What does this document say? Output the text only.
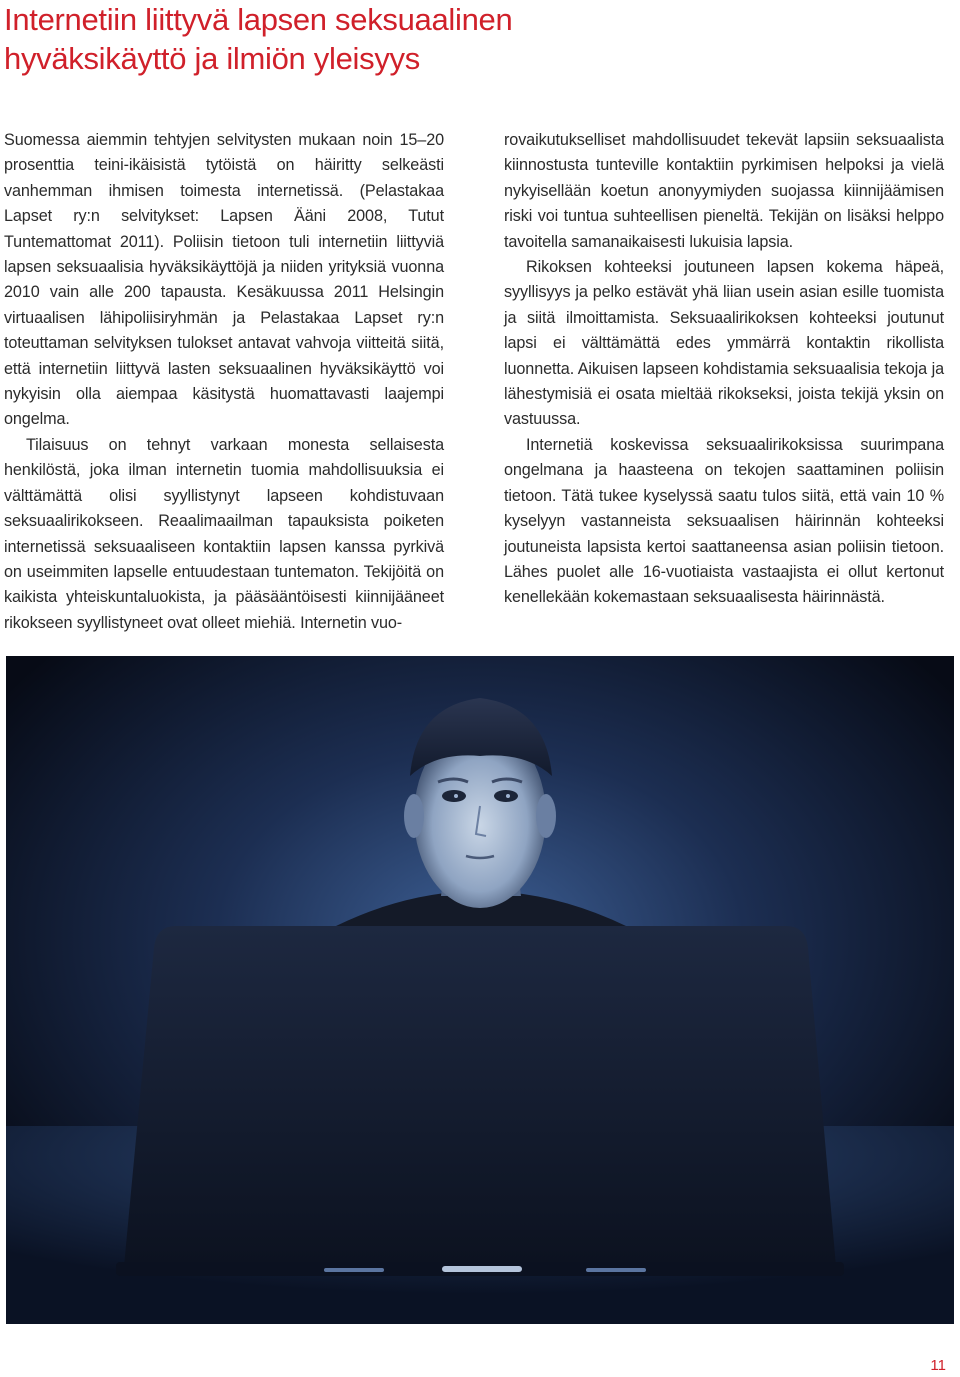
Internetiin liittyvä lapsen seksuaalinen
hyväksikäyttö ja ilmiön yleisyys

Suomessa aiemmin tehtyjen selvitysten mukaan noin 15–20 prosenttia teini-ikäisistä tytöistä on häiritty selkeästi vanhemman ihmisen toimesta internetissä. (Pelastakaa Lapset ry:n selvitykset: Lapsen Ääni 2008, Tutut Tuntemattomat 2011). Poliisin tietoon tuli internetiin liittyviä lapsen seksuaalisia hyväksikäyttöjä ja niiden yrityksiä vuonna 2010 vain alle 200 tapausta. Kesäkuussa 2011 Helsingin virtuaalisen lähipoliisiryhmän ja Pelastakaa Lapset ry:n toteuttaman selvityksen tulokset antavat vahvoja viitteitä siitä, että internetiin liittyvä lasten seksuaalinen hyväksikäyttö voi nykyisin olla aiempaa käsitystä huomattavasti laajempi ongelma.

Tilaisuus on tehnyt varkaan monesta sellaisesta henkilöstä, joka ilman internetin tuomia mahdollisuuksia ei välttämättä olisi syyllistynyt lapseen kohdistuvaan seksuaalirikokseen. Reaalimaailman tapauksista poiketen internetissä seksuaaliseen kontaktiin lapsen kanssa pyrkivä on useimmiten lapselle entuudestaan tuntematon. Tekijöitä on kaikista yhteiskuntaluokista, ja pääsääntöisesti kiinnijääneet rikokseen syyllistyneet ovat olleet miehiä. Internetin vuo-

rovaikutukselliset mahdollisuudet tekevät lapsiin seksuaalista kiinnostusta tunteville kontaktiin pyrkimisen helpoksi ja vielä nykyisellään koetun anonyymiyden suojassa kiinnijäämisen riski voi tuntua suhteellisen pieneltä. Tekijän on lisäksi helppo tavoitella samanaikaisesti lukuisia lapsia.

Rikoksen kohteeksi joutuneen lapsen kokema häpeä, syyllisyys ja pelko estävät yhä liian usein asian esille tuomista ja siitä ilmoittamista. Seksuaalirikoksen kohteeksi joutunut lapsi ei välttämättä edes ymmärrä kontaktin rikollista luonnetta. Aikuisen lapseen kohdistamia seksuaalisia tekoja ja lähestymisiä ei osata mieltää rikokseksi, joista tekijä yksin on vastuussa.

Internetiä koskevissa seksuaalirikoksissa suurimpana ongelmana ja haasteena on tekojen saattaminen poliisin tietoon. Tätä tukee kyselyssä saatu tulos siitä, että vain 10 % kyselyyn vastanneista seksuaalisen häirinnän kohteeksi joutuneista lapsista kertoi saattaneensa asian poliisin tietoon. Lähes puolet alle 16-vuotiaista vastaajista ei ollut kertonut kenellekään kokemastaan seksuaalisesta häirinnästä.

11
